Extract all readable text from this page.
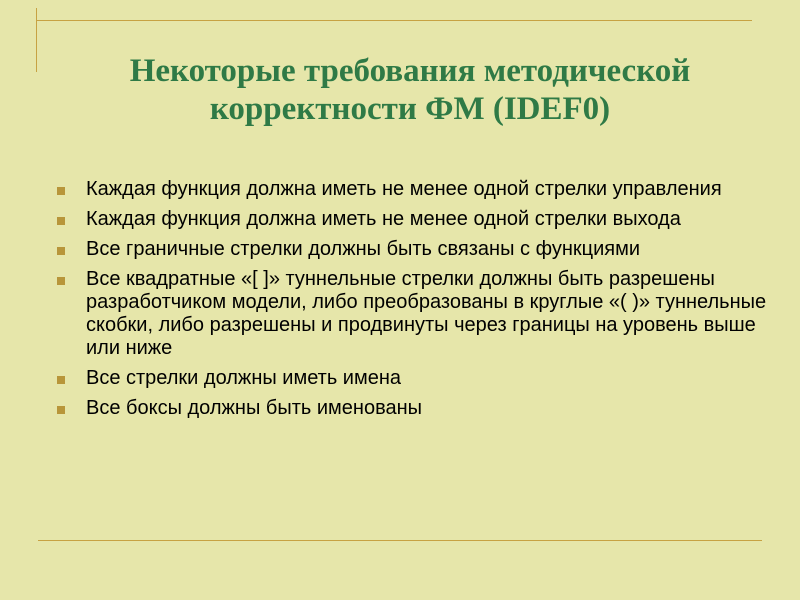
Некоторые требования методической
корректности ФМ (IDEF0)
Каждая функция должна иметь не менее одной стрелки управления
Каждая функция должна иметь не менее одной стрелки выхода
Все граничные стрелки должны быть связаны с функциями
Все квадратные «[ ]» туннельные стрелки должны быть разрешены разработчиком модели, либо преобразованы в круглые «( )» туннельные скобки, либо разрешены и продвинуты через границы на уровень выше или ниже
Все стрелки должны иметь имена
Все боксы должны быть именованы
